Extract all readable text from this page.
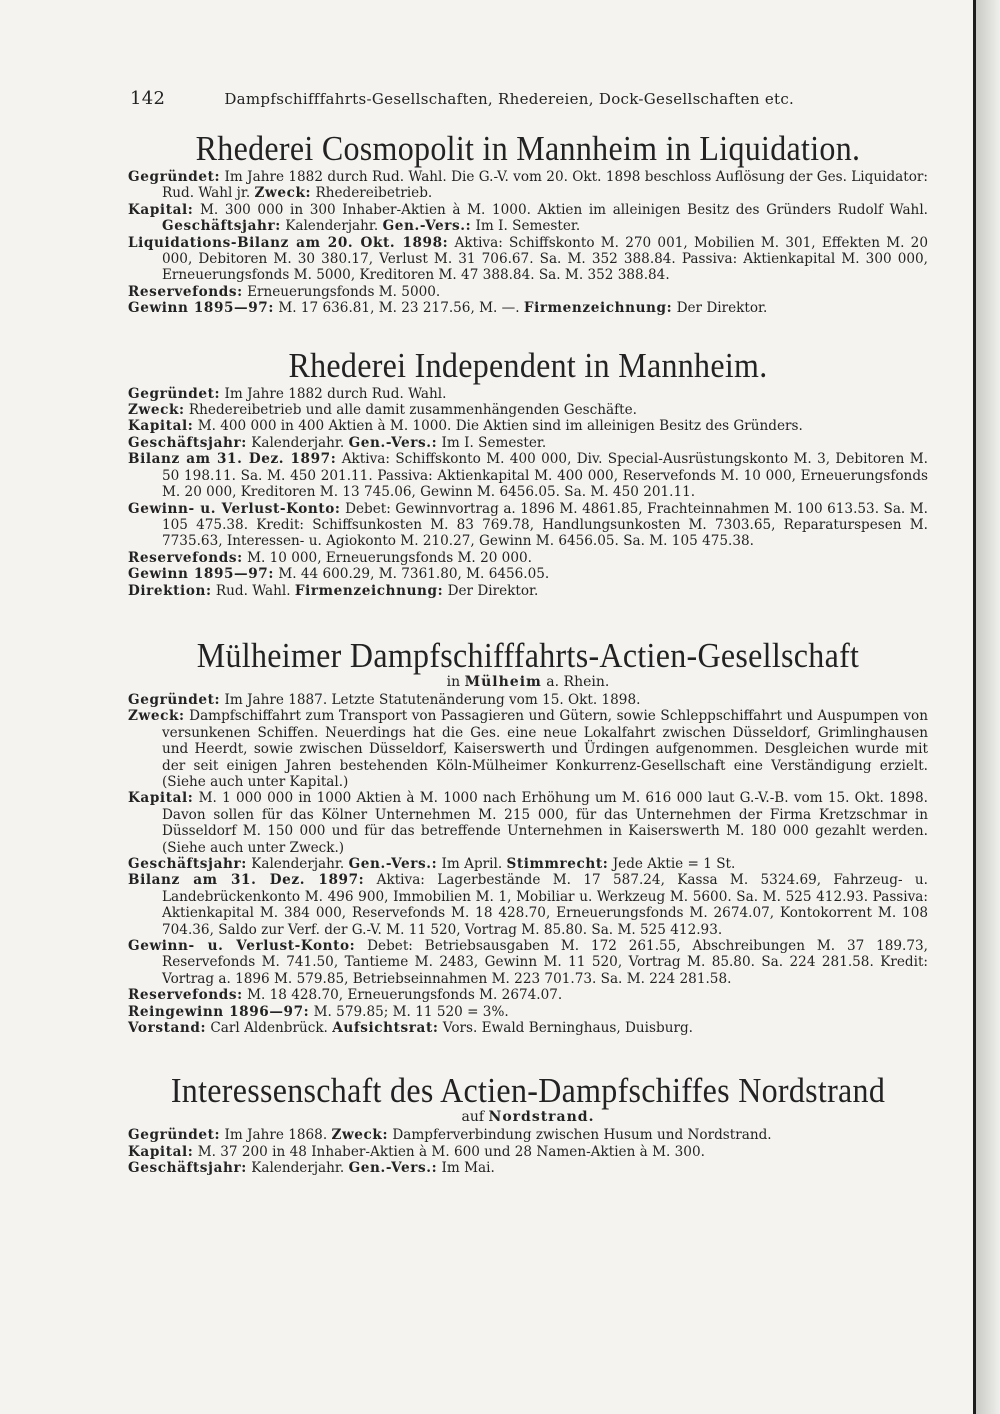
142	Dampfschifffahrts-Gesellschaften, Rhedereien, Dock-Gesellschaften etc.
Rhederei Cosmopolit in Mannheim in Liquidation.

Gegründet: Im Jahre 1882 durch Rud. Wahl. Die G.-V. vom 20. Okt. 1898 beschloss Auflösung der Ges. Liquidator: Rud. Wahl jr. Zweck: Rhedereibetrieb.

Kapital: M. 300 000 in 300 Inhaber-Aktien à M. 1000. Aktien im alleinigen Besitz des Gründers Rudolf Wahl. Geschäftsjahr: Kalenderjahr. Gen.-Vers.: Im I. Semester.

Liquidations-Bilanz am 20. Okt. 1898: Aktiva: Schiffskonto M. 270 001, Mobilien M. 301, Effekten M. 20 000, Debitoren M. 30 380.17, Verlust M. 31 706.67. Sa. M. 352 388.84. Passiva: Aktienkapital M. 300 000, Erneuerungsfonds M. 5000, Kreditoren M. 47 388.84. Sa. M. 352 388.84.

Reservefonds: Erneuerungsfonds M. 5000.

Gewinn 1895—97: M. 17 636.81, M. 23 217.56, M. —. Firmenzeichnung: Der Direktor.

Rhederei Independent in Mannheim.

Gegründet: Im Jahre 1882 durch Rud. Wahl.

Zweck: Rhedereibetrieb und alle damit zusammenhängenden Geschäfte.

Kapital: M. 400 000 in 400 Aktien à M. 1000. Die Aktien sind im alleinigen Besitz des Gründers.

Geschäftsjahr: Kalenderjahr. Gen.-Vers.: Im I. Semester.

Bilanz am 31. Dez. 1897: Aktiva: Schiffskonto M. 400 000, Div. Special-Ausrüstungskonto M. 3, Debitoren M. 50 198.11. Sa. M. 450 201.11. Passiva: Aktienkapital M. 400 000, Reservefonds M. 10 000, Erneuerungsfonds M. 20 000, Kreditoren M. 13 745.06, Gewinn M. 6456.05. Sa. M. 450 201.11.

Gewinn- u. Verlust-Konto: Debet: Gewinnvortrag a. 1896 M. 4861.85, Frachteinnahmen M. 100 613.53. Sa. M. 105 475.38. Kredit: Schiffsunkosten M. 83 769.78, Handlungsunkosten M. 7303.65, Reparaturspesen M. 7735.63, Interessen- u. Agiokonto M. 210.27, Gewinn M. 6456.05. Sa. M. 105 475.38.

Reservefonds: M. 10 000, Erneuerungsfonds M. 20 000.

Gewinn 1895—97: M. 44 600.29, M. 7361.80, M. 6456.05.

Direktion: Rud. Wahl. Firmenzeichnung: Der Direktor.

Mülheimer Dampfschifffahrts-Actien-Gesellschaft
in Mülheim a. Rhein.

Gegründet: Im Jahre 1887. Letzte Statutenänderung vom 15. Okt. 1898.

Zweck: Dampfschiffahrt zum Transport von Passagieren und Gütern, sowie Schleppschiffahrt und Auspumpen von versunkenen Schiffen. Neuerdings hat die Ges. eine neue Lokalfahrt zwischen Düsseldorf, Grimlinghausen und Heerdt, sowie zwischen Düsseldorf, Kaiserswerth und Ürdingen aufgenommen. Desgleichen wurde mit der seit einigen Jahren bestehenden Köln-Mülheimer Konkurrenz-Gesellschaft eine Verständigung erzielt. (Siehe auch unter Kapital.)

Kapital: M. 1 000 000 in 1000 Aktien à M. 1000 nach Erhöhung um M. 616 000 laut G.-V.-B. vom 15. Okt. 1898. Davon sollen für das Kölner Unternehmen M. 215 000, für das Unternehmen der Firma Kretzschmar in Düsseldorf M. 150 000 und für das betreffende Unternehmen in Kaiserswerth M. 180 000 gezahlt werden. (Siehe auch unter Zweck.)

Geschäftsjahr: Kalenderjahr. Gen.-Vers.: Im April. Stimmrecht: Jede Aktie = 1 St.

Bilanz am 31. Dez. 1897: Aktiva: Lagerbestände M. 17 587.24, Kassa M. 5324.69, Fahrzeug- u. Landebrückenkonto M. 496 900, Immobilien M. 1, Mobiliar u. Werkzeug M. 5600. Sa. M. 525 412.93. Passiva: Aktienkapital M. 384 000, Reservefonds M. 18 428.70, Erneuerungsfonds M. 2674.07, Kontokorrent M. 108 704.36, Saldo zur Verf. der G.-V. M. 11 520, Vortrag M. 85.80. Sa. M. 525 412.93.

Gewinn- u. Verlust-Konto: Debet: Betriebsausgaben M. 172 261.55, Abschreibungen M. 37 189.73, Reservefonds M. 741.50, Tantieme M. 2483, Gewinn M. 11 520, Vortrag M. 85.80. Sa. 224 281.58. Kredit: Vortrag a. 1896 M. 579.85, Betriebseinnahmen M. 223 701.73. Sa. M. 224 281.58.

Reservefonds: M. 18 428.70, Erneuerungsfonds M. 2674.07.

Reingewinn 1896—97: M. 579.85; M. 11 520 = 3%.

Vorstand: Carl Aldenbrück. Aufsichtsrat: Vors. Ewald Berninghaus, Duisburg.

Interessenschaft des Actien-Dampfschiffes Nordstrand
auf Nordstrand.

Gegründet: Im Jahre 1868. Zweck: Dampferverbindung zwischen Husum und Nordstrand.

Kapital: M. 37 200 in 48 Inhaber-Aktien à M. 600 und 28 Namen-Aktien à M. 300.

Geschäftsjahr: Kalenderjahr. Gen.-Vers.: Im Mai.
